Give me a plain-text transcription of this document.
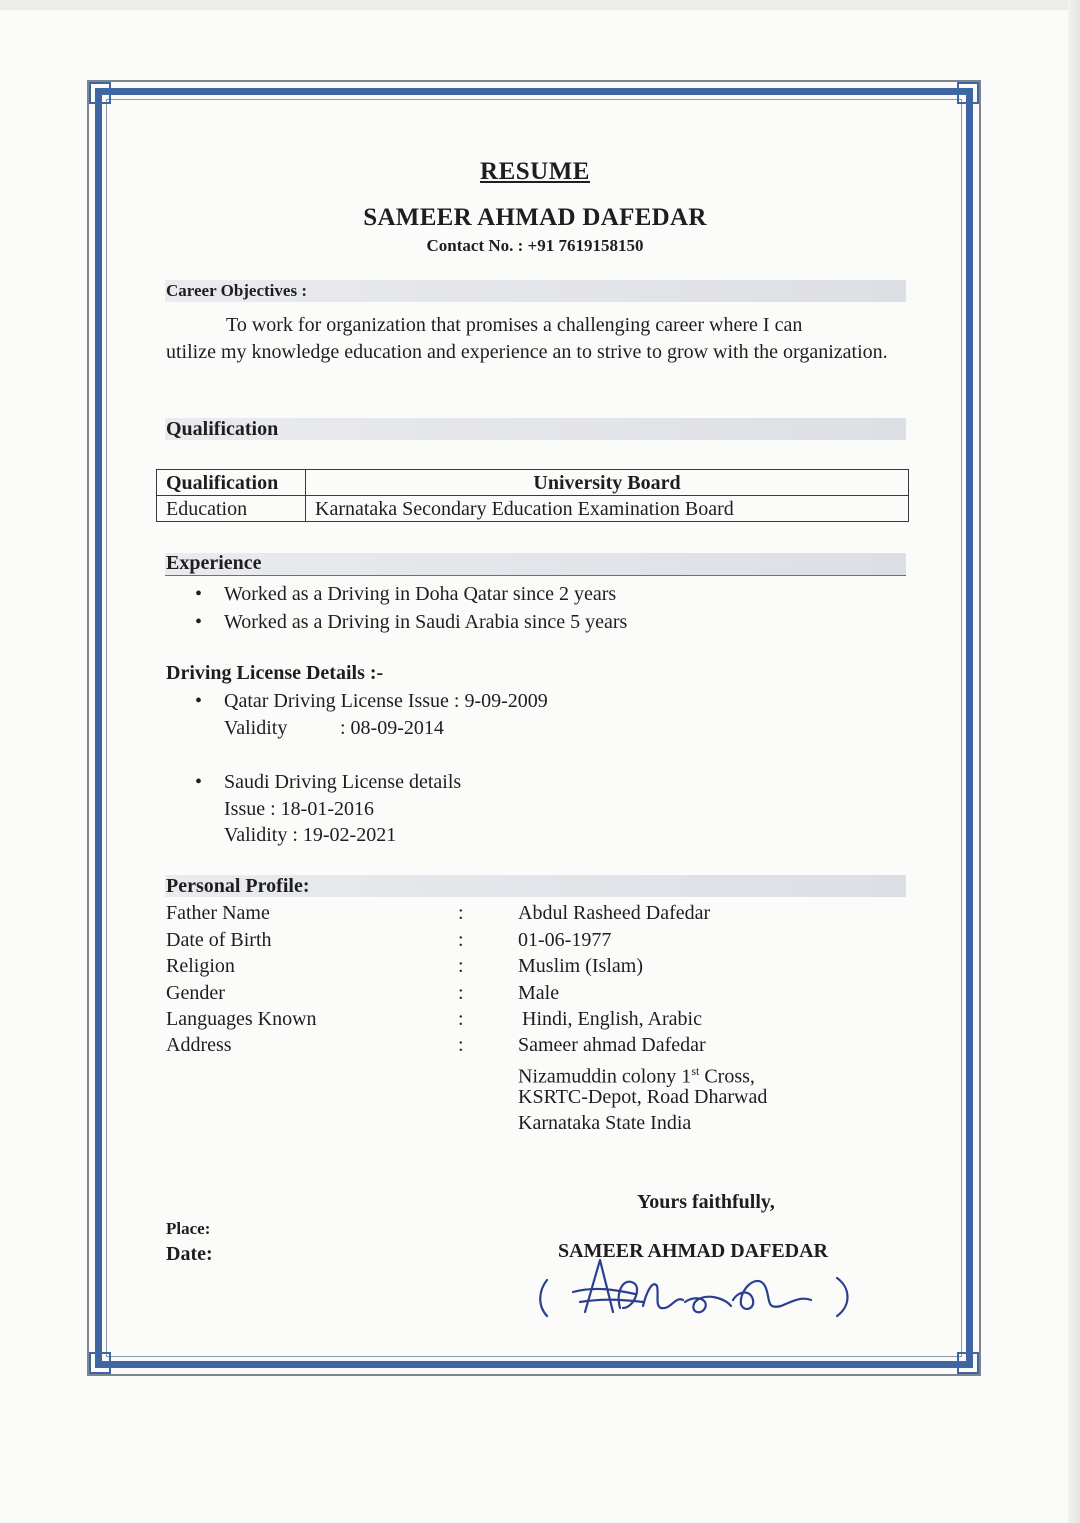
RESUME
SAMEER AHMAD DAFEDAR
Contact No. : +91 7619158150
Career Objectives :
To work for organization that promises a challenging career where I can
utilize my knowledge education and experience an to strive to grow with the organization.
Qualification
Qualification	University Board
Education	Karnataka Secondary Education Examination Board
Experience
• Worked as a Driving in Doha Qatar since 2 years
• Worked as a Driving in Saudi Arabia since 5 years
Driving License Details :-
• Qatar Driving License Issue : 9-09-2009
Validity	: 08-09-2014
• Saudi Driving License details
Issue : 18-01-2016
Validity : 19-02-2021
Personal Profile:
Father Name	:	Abdul Rasheed Dafedar
Date of Birth	:	01-06-1977
Religion	:	Muslim (Islam)
Gender	:	Male
Languages Known	:	Hindi, English, Arabic
Address	:	Sameer ahmad Dafedar
Nizamuddin colony 1st Cross,
KSRTC-Depot, Road Dharwad
Karnataka State India
Yours faithfully,
Place:
Date:	SAMEER AHMAD DAFEDAR
